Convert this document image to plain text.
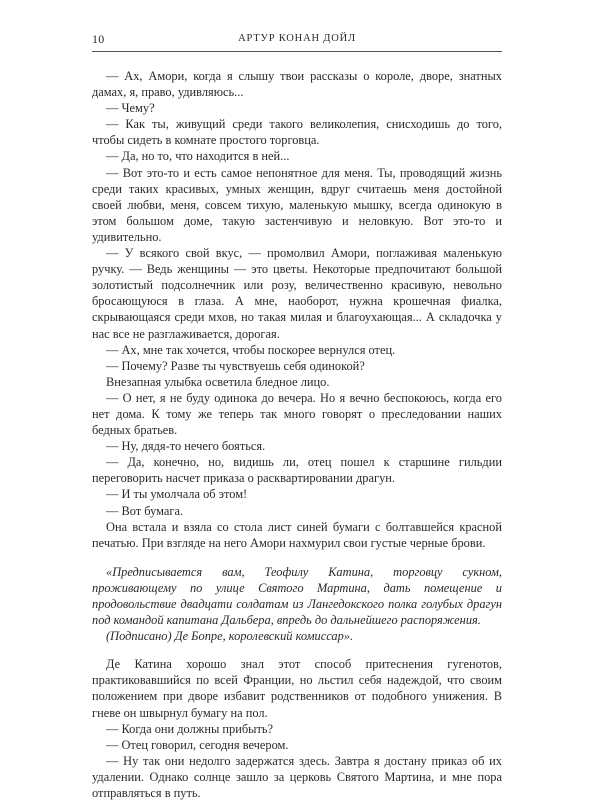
10	АРТУР КОНАН ДОЙЛ

— Ах, Амори, когда я слышу твои рассказы о короле, дворе, знатных дамах, я, право, удивляюсь...

— Чему?

— Как ты, живущий среди такого великолепия, снисходишь до того, чтобы сидеть в комнате простого торговца.

— Да, но то, что находится в ней...

— Вот это-то и есть самое непонятное для меня. Ты, проводящий жизнь среди таких красивых, умных женщин, вдруг считаешь меня достойной своей любви, меня, совсем тихую, маленькую мышку, всегда одинокую в этом большом доме, такую застенчивую и неловкую. Вот это-то и удивительно.

— У всякого свой вкус, — промолвил Амори, поглаживая маленькую ручку. — Ведь женщины — это цветы. Некоторые предпочитают большой золотистый подсолнечник или розу, величественно красивую, невольно бросающуюся в глаза. А мне, наоборот, нужна крошечная фиалка, скрывающаяся среди мхов, но такая милая и благоухающая... А складочка у нас все не разглаживается, дорогая.

— Ах, мне так хочется, чтобы поскорее вернулся отец.

— Почему? Разве ты чувствуешь себя одинокой?

Внезапная улыбка осветила бледное лицо.

— О нет, я не буду одинока до вечера. Но я вечно беспокоюсь, когда его нет дома. К тому же теперь так много говорят о преследовании наших бедных братьев.

— Ну, дядя-то нечего бояться.

— Да, конечно, но, видишь ли, отец пошел к старшине гильдии переговорить насчет приказа о расквартировании драгун.

— И ты умолчала об этом!

— Вот бумага.

Она встала и взяла со стола лист синей бумаги с болтавшейся красной печатью. При взгляде на него Амори нахмурил свои густые черные брови.

«Предписывается вам, Теофилу Катина, торговцу сукном, проживающему по улице Святого Мартина, дать помещение и продовольствие двадцати солдатам из Лангедокского полка голубых драгун под командой капитана Дальбера, впредь до дальнейшего распоряжения.

(Подписано) Де Бопре, королевский комиссар».

Де Катина хорошо знал этот способ притеснения гугенотов, практиковавшийся по всей Франции, но льстил себя надеждой, что своим положением при дворе избавит родственников от подобного унижения. В гневе он швырнул бумагу на пол.

— Когда они должны прибыть?

— Отец говорил, сегодня вечером.

— Ну так они недолго задержатся здесь. Завтра я достану приказ об их удалении. Однако солнце зашло за церковь Святого Мартина, и мне пора отправляться в путь.
